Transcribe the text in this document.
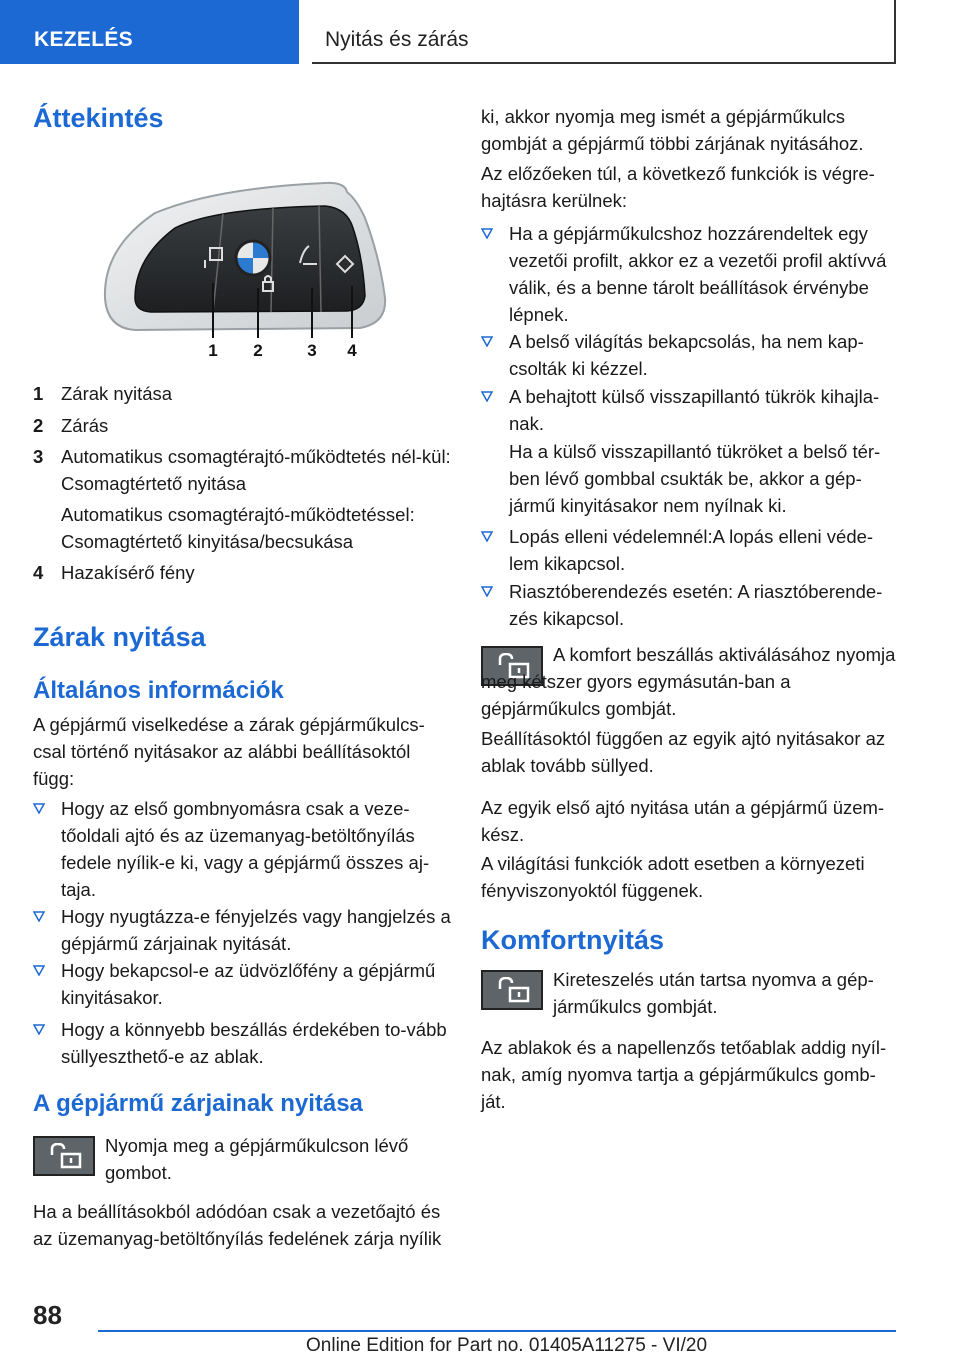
KEZELÉS	Nyitás és zárás
Áttekintés
1 2	3 4
1 Zárak nyitása
2 Zárás
3 Automatikus csomagtérajtó-működtetés nél-kül: Csomagtértető nyitása
Automatikus csomagtérajtó-működtetéssel: Csomagtértető kinyitása/becsukása
4 Hazakísérő fény
Zárak nyitása
Általános információk
A gépjármű viselkedése a zárak gépjárműkulcs-csal történő nyitásakor az alábbi beállításoktól függ:
Hogy az első gombnyomásra csak a veze-tőoldali ajtó és az üzemanyag-betöltőnyílás fedele nyílik-e ki, vagy a gépjármű összes aj-taja.
Hogy nyugtázza-e fényjelzés vagy hangjelzés a gépjármű zárjainak nyitását.
Hogy bekapcsol-e az üdvözlőfény a gépjármű kinyitásakor.
Hogy a könnyebb beszállás érdekében to-vább süllyeszthető-e az ablak.
A gépjármű zárjainak nyitása
Nyomja meg a gépjárműkulcson lévő gombot.
Ha a beállításokból adódóan csak a vezetőajtó és az üzemanyag-betöltőnyílás fedelének zárja nyílik
ki, akkor nyomja meg ismét a gépjárműkulcs gombját a gépjármű többi zárjának nyitásához.
Az előzőeken túl, a következő funkciók is végre-hajtásra kerülnek:
Ha a gépjárműkulcshoz hozzárendeltek egy vezetői profilt, akkor ez a vezetői profil aktívvá válik, és a benne tárolt beállítások érvénybe lépnek.
A belső világítás bekapcsolás, ha nem kap-csolták ki kézzel.
A behajtott külső visszapillantó tükrök kihajla-nak.
Ha a külső visszapillantó tükröket a belső tér-ben lévő gombbal csukták be, akkor a gép-jármű kinyitásakor nem nyílnak ki.
Lopás elleni védelemnél:A lopás elleni véde-lem kikapcsol.
Riasztóberendezés esetén: A riasztóberende-zés kikapcsol.
A komfort beszállás aktiválásához nyomja meg kétszer gyors egymásután-ban a gépjárműkulcs gombját.
Beállításoktól függően az egyik ajtó nyitásakor az ablak tovább süllyed.
Az egyik első ajtó nyitása után a gépjármű üzem-kész.
A világítási funkciók adott esetben a környezeti fényviszonyoktól függenek.
Komfortnyitás
Kireteszelés után tartsa nyomva a gép-járműkulcs gombját.
Az ablakok és a napellenzős tetőablak addig nyíl-nak, amíg nyomva tartja a gépjárműkulcs gomb-ját.
88
Online Edition for Part no. 01405A11275 - VI/20
